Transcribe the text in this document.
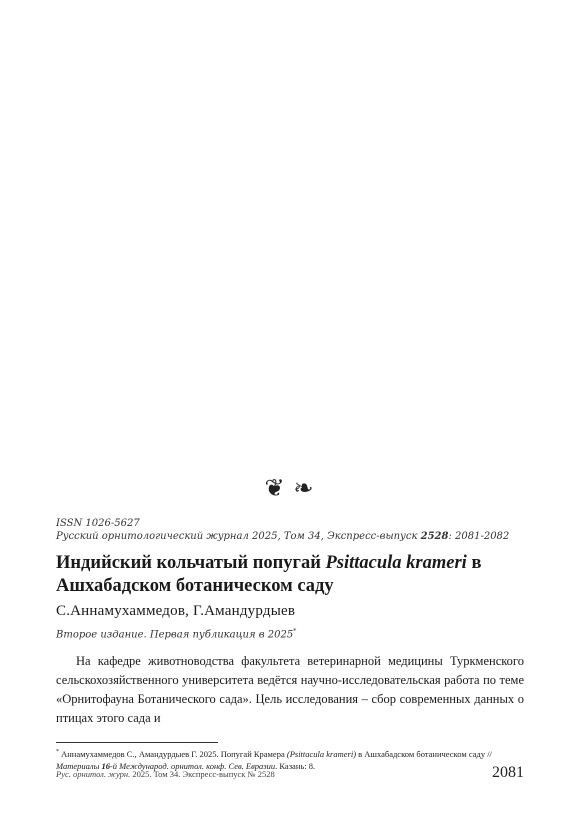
❦ ❧
ISSN 1026-5627
Русский орнитологический журнал 2025, Том 34, Экспресс-выпуск 2528: 2081-2082
Индийский кольчатый попугай Psittacula krameri в Ашхабадском ботаническом саду
С.Аннамухаммедов, Г.Амандурдыев
Второе издание. Первая публикация в 2025*

На кафедре животноводства факультета ветеринарной медицины Туркменского сельскохозяйственного университета ведётся научно-исследовательская работа по теме «Орнитофауна Ботанического сада». Цель исследования – сбор современных данных о птицах этого сада и

* Аннамухаммедов С., Амандурдыев Г. 2025. Попугай Крамера (Psittacula krameri) в Ашхабадском ботаническом саду // Материалы 16-й Международ. орнитол. конф. Сев. Евразии. Казань: 8.
Рус. орнитол. журн. 2025. Том 34. Экспресс-выпуск № 2528	2081
